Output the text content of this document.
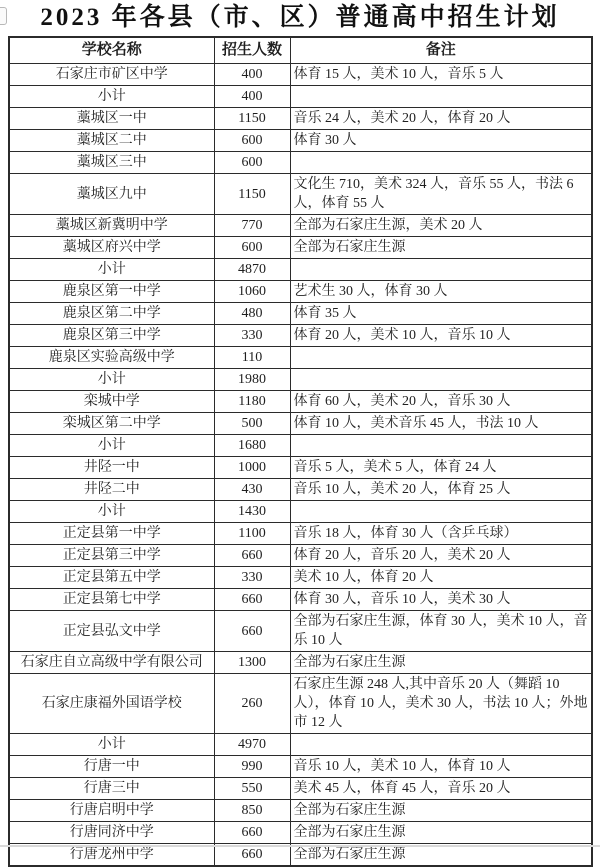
2023 年各县（市、区）普通高中招生计划
学校名称	招生人数	备注
石家庄市矿区中学	400	体育 15 人，美术 10 人，音乐 5 人
小计	400	
藁城区一中	1150	音乐 24 人，美术 20 人，体育 20 人
藁城区二中	600	体育 30 人
藁城区三中	600	
藁城区九中	1150	文化生 710，美术 324 人，音乐 55 人，书法 6 人，体育 55 人
藁城区新冀明中学	770	全部为石家庄生源，美术 20 人
藁城区府兴中学	600	全部为石家庄生源
小计	4870	
鹿泉区第一中学	1060	艺术生 30 人，体育 30 人
鹿泉区第二中学	480	体育 35 人
鹿泉区第三中学	330	体育 20 人，美术 10 人，音乐 10 人
鹿泉区实验高级中学	110	
小计	1980	
栾城中学	1180	体育 60 人，美术 20 人，音乐 30 人
栾城区第二中学	500	体育 10 人，美术音乐 45 人，书法 10 人
小计	1680	
井陉一中	1000	音乐 5 人，美术 5 人，体育 24 人
井陉二中	430	音乐 10 人，美术 20 人，体育 25 人
小计	1430	
正定县第一中学	1100	音乐 18 人，体育 30 人（含乒乓球）
正定县第三中学	660	体育 20 人，音乐 20 人，美术 20 人
正定县第五中学	330	美术 10 人，体育 20 人
正定县第七中学	660	体育 30 人，音乐 10 人，美术 30 人
正定县弘文中学	660	全部为石家庄生源，体育 30 人，美术 10 人，音乐 10 人
石家庄自立高级中学有限公司	1300	全部为石家庄生源
石家庄康福外国语学校	260	石家庄生源 248 人,其中音乐 20 人（舞蹈 10 人），体育 10 人，美术 30 人，书法 10 人；外地市 12 人
小计	4970	
行唐一中	990	音乐 10 人，美术 10 人，体育 10 人
行唐三中	550	美术 45 人，体育 45 人，音乐 20 人
行唐启明中学	850	全部为石家庄生源
行唐同济中学	660	全部为石家庄生源
行唐龙州中学	660	全部为石家庄生源
